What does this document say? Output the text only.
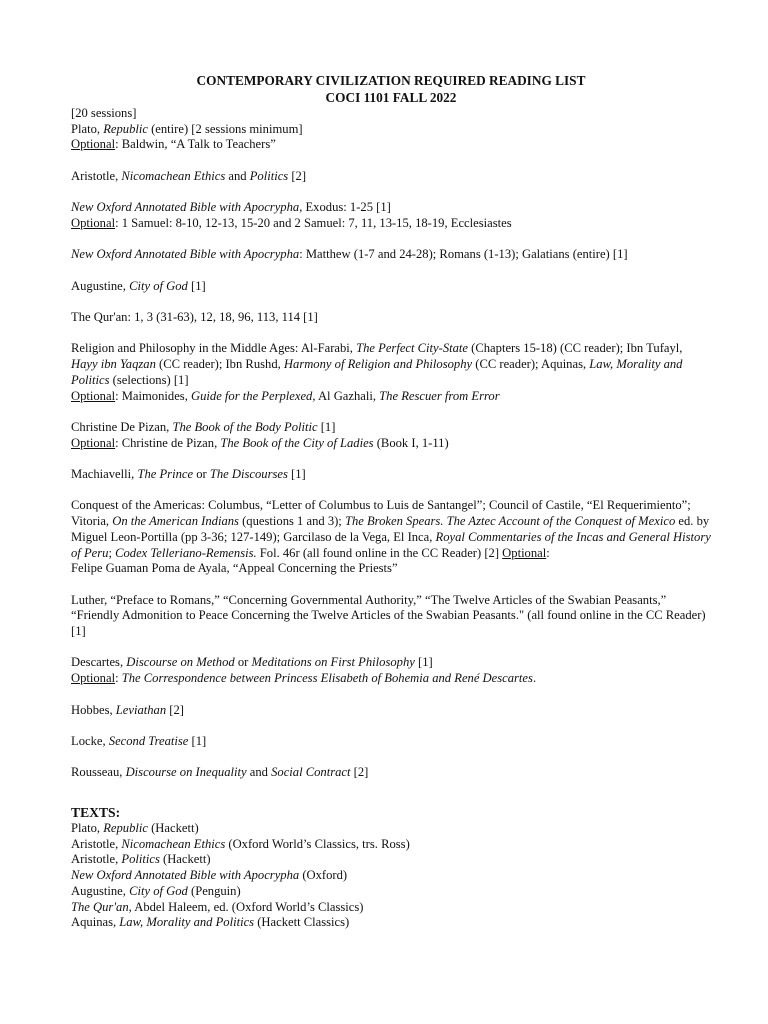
CONTEMPORARY CIVILIZATION REQUIRED READING LIST
COCI 1101 FALL 2022

[20 sessions]

Plato, Republic (entire) [2 sessions minimum]

Optional: Baldwin, “A Talk to Teachers”

Aristotle, Nicomachean Ethics and Politics [2]

New Oxford Annotated Bible with Apocrypha, Exodus: 1-25 [1]

Optional: 1 Samuel: 8-10, 12-13, 15-20 and 2 Samuel: 7, 11, 13-15, 18-19, Ecclesiastes

New Oxford Annotated Bible with Apocrypha: Matthew (1-7 and 24-28); Romans (1-13); Galatians (entire) [1]

Augustine, City of God [1]

The Qur'an: 1, 3 (31-63), 12, 18, 96, 113, 114 [1]

Religion and Philosophy in the Middle Ages: Al-Farabi, The Perfect City-State (Chapters 15-18) (CC reader); Ibn Tufayl, Hayy ibn Yaqzan (CC reader); Ibn Rushd, Harmony of Religion and Philosophy (CC reader); Aquinas, Law, Morality and Politics (selections) [1]

Optional: Maimonides, Guide for the Perplexed, Al Gazhali, The Rescuer from Error

Christine De Pizan, The Book of the Body Politic [1]

Optional: Christine de Pizan, The Book of the City of Ladies (Book I, 1-11)

Machiavelli, The Prince or The Discourses [1]

Conquest of the Americas: Columbus, “Letter of Columbus to Luis de Santangel”; Council of Castile, “El Requerimiento”; Vitoria, On the American Indians (questions 1 and 3); The Broken Spears. The Aztec Account of the Conquest of Mexico ed. by Miguel Leon-Portilla (pp 3-36; 127-149); Garcilaso de la Vega, El Inca, Royal Commentaries of the Incas and General History of Peru; Codex Telleriano-Remensis. Fol. 46r (all found online in the CC Reader) [2] Optional:
Felipe Guaman Poma de Ayala, “Appeal Concerning the Priests”

Luther, “Preface to Romans,” “Concerning Governmental Authority,” “The Twelve Articles of the Swabian Peasants,” “Friendly Admonition to Peace Concerning the Twelve Articles of the Swabian Peasants." (all found online in the CC Reader) [1]

Descartes, Discourse on Method or Meditations on First Philosophy [1]

Optional: The Correspondence between Princess Elisabeth of Bohemia and René Descartes.

Hobbes, Leviathan [2]

Locke, Second Treatise [1]

Rousseau, Discourse on Inequality and Social Contract [2]

TEXTS:

Plato, Republic (Hackett)

Aristotle, Nicomachean Ethics (Oxford World’s Classics, trs. Ross)

Aristotle, Politics (Hackett)

New Oxford Annotated Bible with Apocrypha (Oxford)

Augustine, City of God (Penguin)

The Qur'an, Abdel Haleem, ed. (Oxford World’s Classics)

Aquinas, Law, Morality and Politics (Hackett Classics)
